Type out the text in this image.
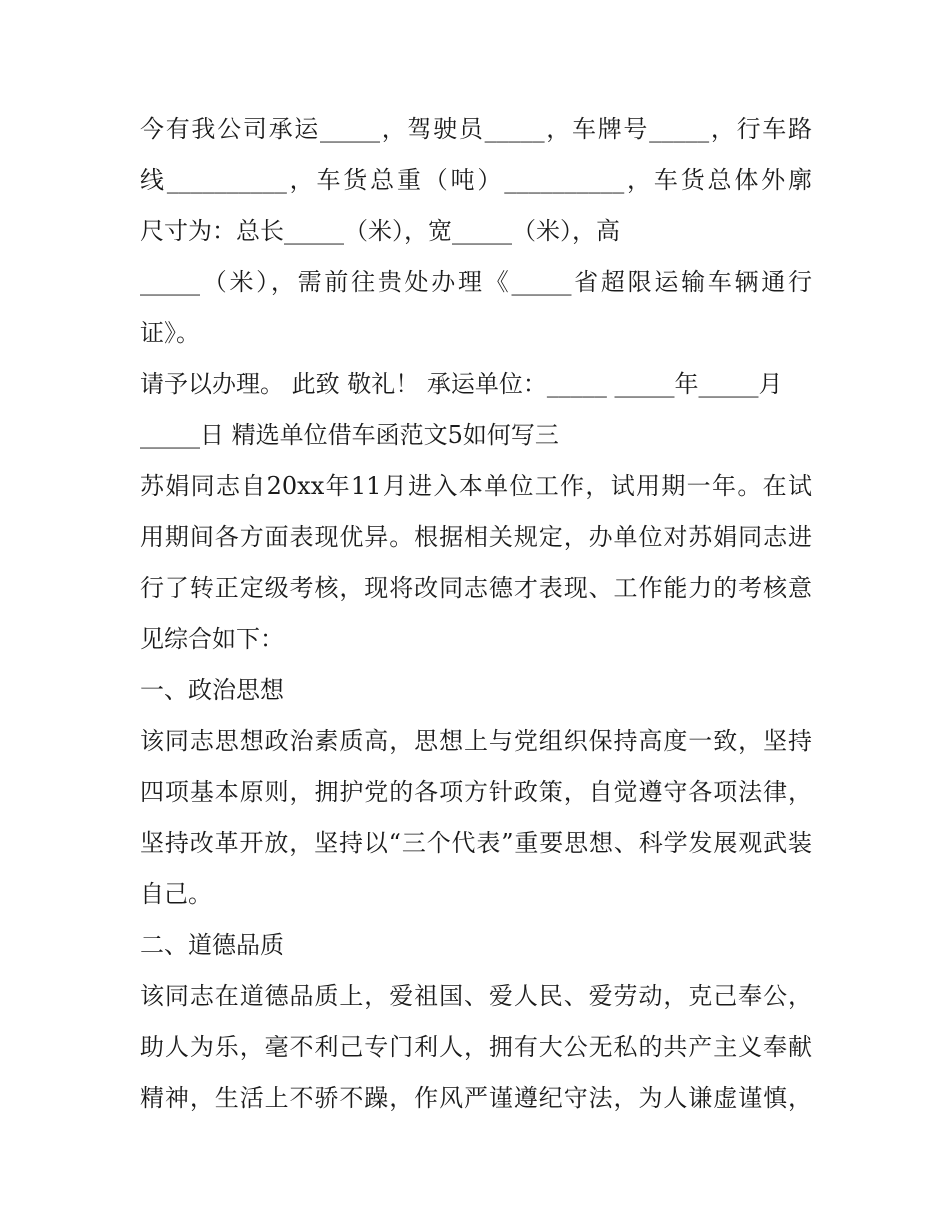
今有我公司承运_____，驾驶员_____，车牌号_____，行车路
线__________，车货总重（吨）__________，车货总体外廓
尺寸为：总长_____（米），宽_____（米），高
_____（米），需前往贵处办理《_____省超限运输车辆通行
证》。
请予以办理。 此致 敬礼！ 承运单位：_____ _____年_____月
_____日 精选单位借车函范文5如何写三
苏娟同志自20xx年11月进入本单位工作，试用期一年。在试
用期间各方面表现优异。根据相关规定，办单位对苏娟同志进
行了转正定级考核，现将改同志德才表现、工作能力的考核意
见综合如下：
一、政治思想
该同志思想政治素质高，思想上与党组织保持高度一致，坚持
四项基本原则，拥护党的各项方针政策，自觉遵守各项法律，
坚持改革开放，坚持以“三个代表”重要思想、科学发展观武装
自己。
二、道德品质
该同志在道德品质上，爱祖国、爱人民、爱劳动，克己奉公，
助人为乐，毫不利己专门利人，拥有大公无私的共产主义奉献
精神，生活上不骄不躁，作风严谨遵纪守法，为人谦虚谨慎，
